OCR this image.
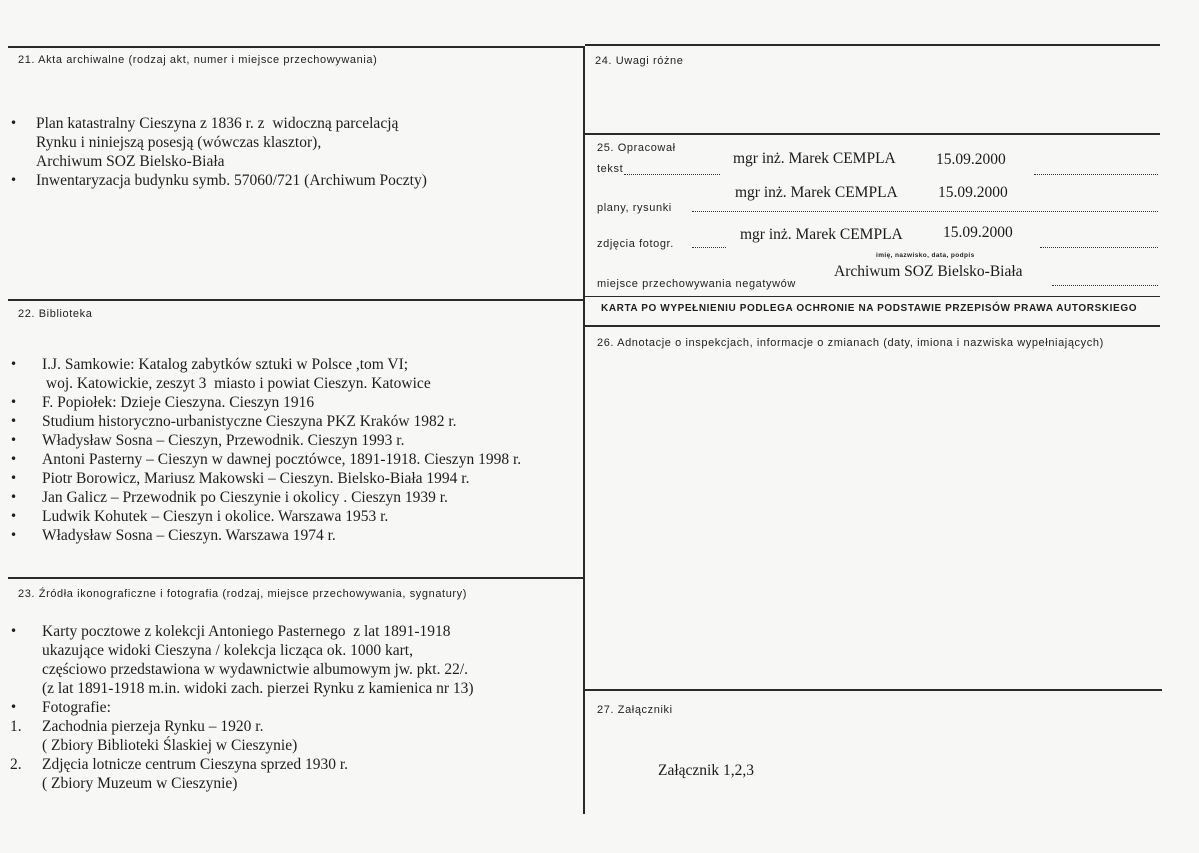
21. Akta archiwalne (rodzaj akt, numer i miejsce przechowywania)
• Plan katastralny Cieszyna z 1836 r. z  widoczną parcelacją
Rynku i niniejszą posesją (wówczas klasztor),
Archiwum SOZ Bielsko-Biała
• Inwentaryzacja budynku symb. 57060/721 (Archiwum Poczty)
22. Biblioteka
• I.J. Samkowie: Katalog zabytków sztuki w Polsce ,tom VI;
woj. Katowickie, zeszyt 3  miasto i powiat Cieszyn. Katowice
• F. Popiołek: Dzieje Cieszyna. Cieszyn 1916
• Studium historyczno-urbanistyczne Cieszyna PKZ Kraków 1982 r.
• Władysław Sosna – Cieszyn, Przewodnik. Cieszyn 1993 r.
• Antoni Pasterny – Cieszyn w dawnej pocztówce, 1891-1918. Cieszyn 1998 r.
• Piotr Borowicz, Mariusz Makowski – Cieszyn. Bielsko-Biała 1994 r.
• Jan Galicz – Przewodnik po Cieszynie i okolicy . Cieszyn 1939 r.
• Ludwik Kohutek – Cieszyn i okolice. Warszawa 1953 r.
• Władysław Sosna – Cieszyn. Warszawa 1974 r.
23. Źródła ikonograficzne i fotografia (rodzaj, miejsce przechowywania, sygnatury)
• Karty pocztowe z kolekcji Antoniego Pasternego  z lat 1891-1918
ukazujące widoki Cieszyna / kolekcja licząca ok. 1000 kart,
częściowo przedstawiona w wydawnictwie albumowym jw. pkt. 22/.
(z lat 1891-1918 m.in. widoki zach. pierzei Rynku z kamienica nr 13)
• Fotografie:
1. Zachodnia pierzeja Rynku – 1920 r.
( Zbiory Biblioteki Ślaskiej w Cieszynie)
2. Zdjęcia lotnicze centrum Cieszyna sprzed 1930 r.
( Zbiory Muzeum w Cieszynie)
24. Uwagi różne
25. Opracował
tekst
mgr inż. Marek CEMPLA	15.09.2000
plany, rysunki
mgr inż. Marek CEMPLA	15.09.2000
zdjęcia fotogr.
mgr inż. Marek CEMPLA	15.09.2000
imię, nazwisko, data, podpis
miejsce przechowywania negatywów
Archiwum SOZ Bielsko-Biała
KARTA PO WYPEŁNIENIU PODLEGA OCHRONIE NA PODSTAWIE PRZEPISÓW PRAWA AUTORSKIEGO
26. Adnotacje o inspekcjach, informacje o zmianach (daty, imiona i nazwiska wypełniających)
27. Załączniki
Załącznik 1,2,3
